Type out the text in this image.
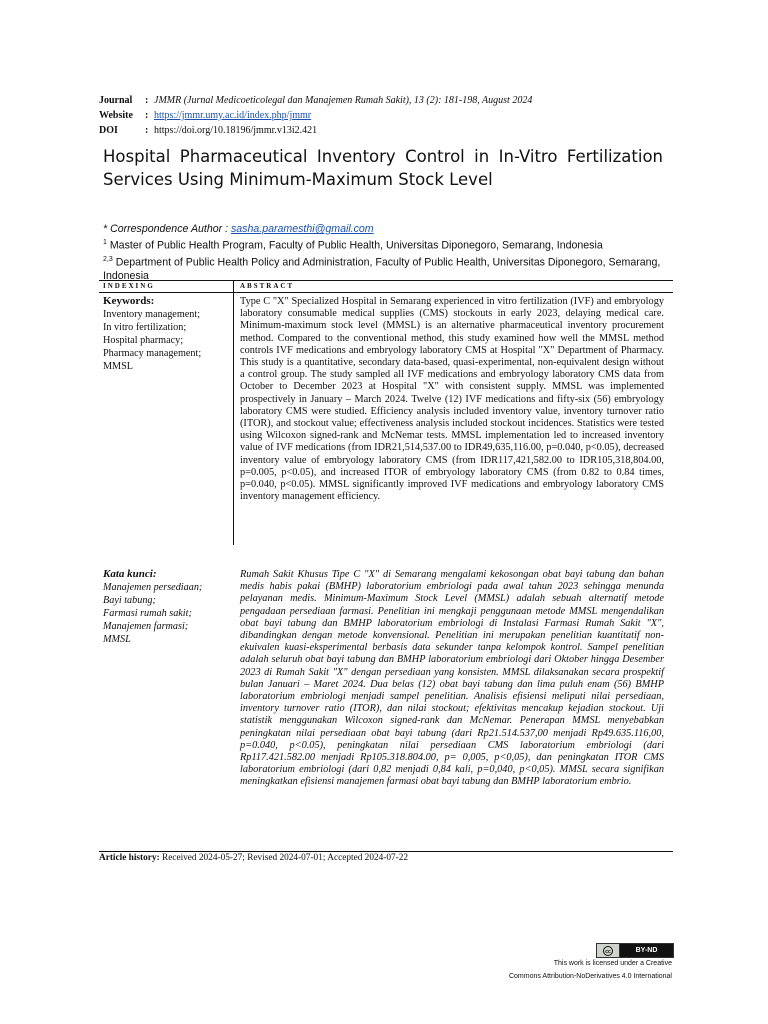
Journal	: JMMR (Jurnal Medicoeticolegal dan Manajemen Rumah Sakit), 13 (2): 181-198, August 2024
Website	: https://jmmr.umy.ac.id/index.php/jmmr
DOI	: https://doi.org/10.18196/jmmr.v13i2.421
Hospital Pharmaceutical Inventory Control in In-Vitro Fertilization Services Using Minimum-Maximum Stock Level

* Correspondence Author : sasha.paramesthi@gmail.com

$^1$ Master of Public Health Program, Faculty of Public Health, Universitas Diponegoro, Semarang, Indonesia

$^{2,3}$ Department of Public Health Policy and Administration, Faculty of Public Health, Universitas Diponegoro, Semarang, Indonesia

INDEXING	ABSTRACT
Keywords:
Inventory management;
In vitro fertilization;
Hospital pharmacy;
Pharmacy management;
MMSL

Type C "X" Specialized Hospital in Semarang experienced in vitro fertilization (IVF) and embryology laboratory consumable medical supplies (CMS) stockouts in early 2023, delaying medical care. Minimum-maximum stock level (MMSL) is an alternative pharmaceutical inventory procurement method. Compared to the conventional method, this study examined how well the MMSL method controls IVF medications and embryology laboratory CMS at Hospital "X" Department of Pharmacy. This study is a quantitative, secondary data-based, quasi-experimental, non-equivalent design without a control group. The study sampled all IVF medications and embryology laboratory CMS data from October to December 2023 at Hospital "X" with consistent supply. MMSL was implemented prospectively in January – March 2024. Twelve (12) IVF medications and fifty-six (56) embryology laboratory CMS were studied. Efficiency analysis included inventory value, inventory turnover ratio (ITOR), and stockout value; effectiveness analysis included stockout incidences. Statistics were tested using Wilcoxon signed-rank and McNemar tests. MMSL implementation led to increased inventory value of IVF medications (from IDR21,514,537.00 to IDR49,635,116.00, p=0.040, p<0.05), decreased inventory value of embryology laboratory CMS (from IDR117,421,582.00 to IDR105,318,804.00, p=0.005, p<0.05), and increased ITOR of embryology laboratory CMS (from 0.82 to 0.84 times, p=0.040, p<0.05). MMSL significantly improved IVF medications and embryology laboratory CMS inventory management efficiency.

Kata kunci:
Manajemen persediaan;
Bayi tabung;
Farmasi rumah sakit;
Manajemen farmasi;
MMSL

Rumah Sakit Khusus Tipe C "X" di Semarang mengalami kekosongan obat bayi tabung dan bahan medis habis pakai (BMHP) laboratorium embriologi pada awal tahun 2023 sehingga menunda pelayanan medis. Minimum-Maximum Stock Level (MMSL) adalah sebuah alternatif metode pengadaan persediaan farmasi. Penelitian ini mengkaji penggunaan metode MMSL mengendalikan obat bayi tabung dan BMHP laboratorium embriologi di Instalasi Farmasi Rumah Sakit "X", dibandingkan dengan metode konvensional. Penelitian ini merupakan penelitian kuantitatif non-ekuivalen kuasi-eksperimental berbasis data sekunder tanpa kelompok kontrol. Sampel penelitian adalah seluruh obat bayi tabung dan BMHP laboratorium embriologi dari Oktober hingga Desember 2023 di Rumah Sakit "X" dengan persediaan yang konsisten. MMSL dilaksanakan secara prospektif bulan Januari – Maret 2024. Dua belas (12) obat bayi tabung dan lima puluh enam (56) BMHP laboratorium embriologi menjadi sampel penelitian. Analisis efisiensi meliputi nilai persediaan, inventory turnover ratio (ITOR), dan nilai stockout; efektivitas mencakup kejadian stockout. Uji statistik menggunakan Wilcoxon signed-rank dan McNemar. Penerapan MMSL menyebabkan peningkatan nilai persediaan obat bayi tabung (dari Rp21.514.537,00 menjadi Rp49.635.116,00, p=0.040, p<0.05), peningkatan nilai persediaan CMS laboratorium embriologi (dari Rp117.421.582.00 menjadi Rp105.318.804.00, p= 0,005, p<0,05), dan peningkatan ITOR CMS laboratorium embriologi (dari 0,82 menjadi 0,84 kali, p=0,040, p<0,05). MMSL secara signifikan meningkatkan efisiensi manajemen farmasi obat bayi tabung dan BMHP laboratorium embrio.

Article history: Received 2024-05-27; Revised 2024-07-01; Accepted 2024-07-22
cc	BY-ND
This work is licensed under a Creative
Commons Attribution-NoDerivatives 4.0 International
